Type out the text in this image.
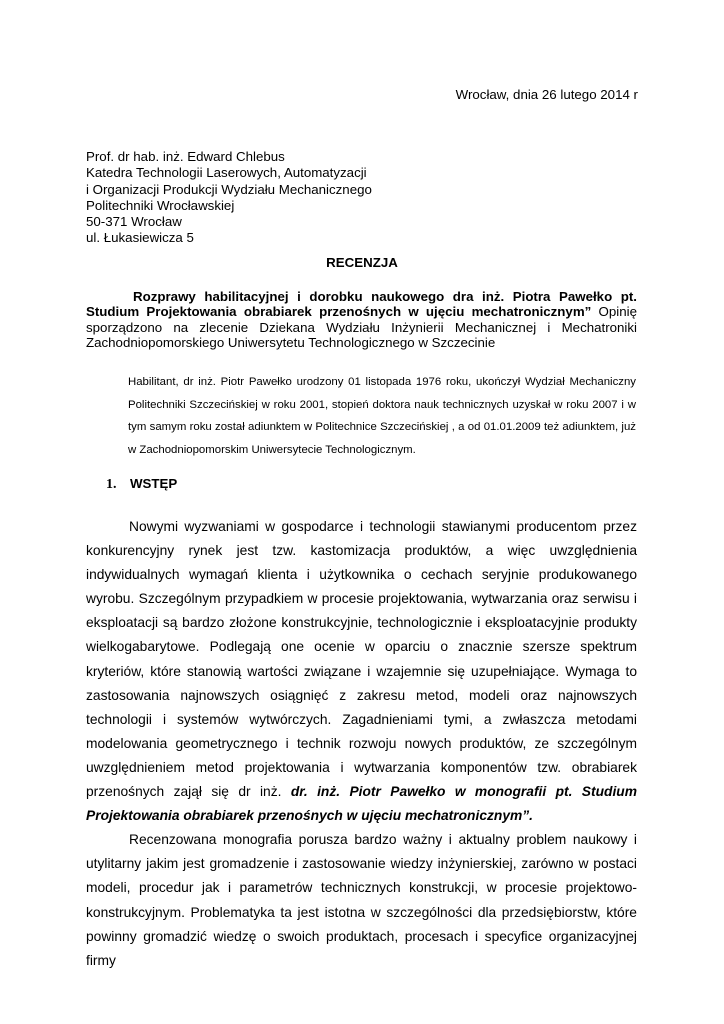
Wrocław, dnia 26 lutego 2014 r
Prof. dr hab. inż. Edward Chlebus
Katedra Technologii Laserowych, Automatyzacji
i Organizacji Produkcji Wydziału Mechanicznego
Politechniki Wrocławskiej
50-371 Wrocław
ul. Łukasiewicza 5
RECENZJA
Rozprawy habilitacyjnej i dorobku naukowego dra inż. Piotra Pawełko pt. Studium Projektowania obrabiarek przenośnych w ujęciu mechatronicznym” Opinię sporządzono na zlecenie Dziekana Wydziału Inżynierii Mechanicznej i Mechatroniki Zachodniopomorskiego Uniwersytetu Technologicznego w Szczecinie
Habilitant, dr inż. Piotr Pawełko urodzony 01 listopada 1976 roku, ukończył Wydział Mechaniczny Politechniki Szczecińskiej w roku 2001, stopień doktora nauk technicznych uzyskał w roku 2007 i w tym samym roku został adiunktem w Politechnice Szczecińskiej , a od 01.01.2009 też adiunktem, już w Zachodniopomorskim Uniwersytecie Technologicznym.
1. WSTĘP

Nowymi wyzwaniami w gospodarce i technologii stawianymi producentom przez konkurencyjny rynek jest tzw. kastomizacja produktów, a więc uwzględnienia indywidualnych wymagań klienta i użytkownika o cechach seryjnie produkowanego wyrobu. Szczególnym przypadkiem w procesie projektowania, wytwarzania oraz serwisu i eksploatacji są bardzo złożone konstrukcyjnie, technologicznie i eksploatacyjnie produkty wielkogabarytowe. Podlegają one ocenie w oparciu o znacznie szersze spektrum kryteriów, które stanowią wartości związane i wzajemnie się uzupełniające. Wymaga to zastosowania najnowszych osiągnięć z zakresu metod, modeli oraz najnowszych technologii i systemów wytwórczych. Zagadnieniami tymi, a zwłaszcza metodami modelowania geometrycznego i technik rozwoju nowych produktów, ze szczególnym uwzględnieniem metod projektowania i wytwarzania komponentów tzw. obrabiarek przenośnych zajął się dr inż. dr. inż. Piotr Pawełko w monografii pt. Studium Projektowania obrabiarek przenośnych w ujęciu mechatronicznym”.

Recenzowana monografia porusza bardzo ważny i aktualny problem naukowy i utylitarny jakim jest gromadzenie i zastosowanie wiedzy inżynierskiej, zarówno w postaci modeli, procedur jak i parametrów technicznych konstrukcji, w procesie projektowo-konstrukcyjnym. Problematyka ta jest istotna w szczególności dla przedsiębiorstw, które powinny gromadzić wiedzę o swoich produktach, procesach i specyfice organizacyjnej firmy
